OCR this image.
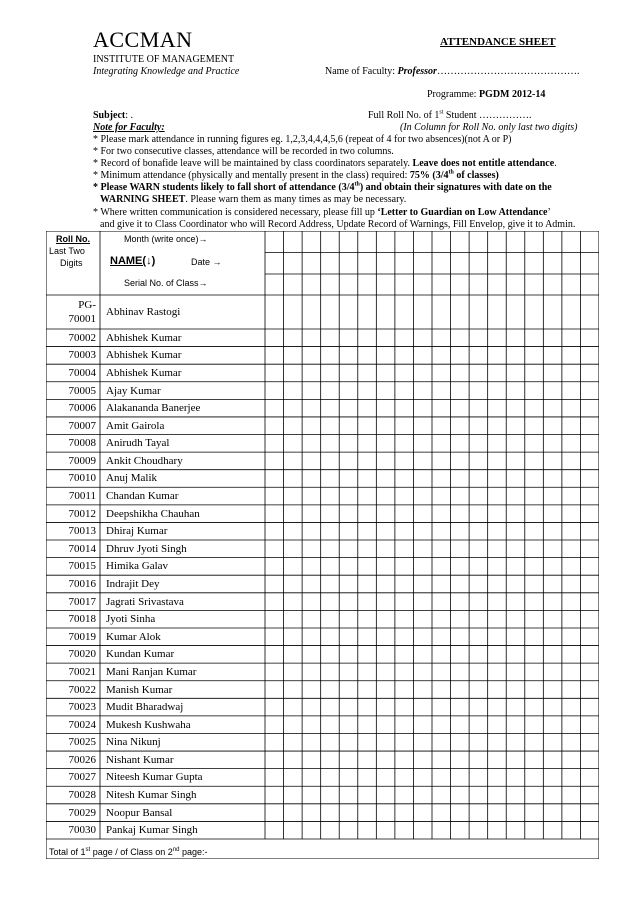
ACCMAN
INSTITUTE OF MANAGEMENT
Integrating Knowledge and Practice
ATTENDANCE SHEET
Name of Faculty: Professor…………………………………….
Programme: PGDM 2012-14
Subject: .	Full Roll No. of 1st Student …………….
Note for Faculty:	(In Column for Roll No. only last two digits)
* Please mark attendance in running figures eg. 1,2,3,4,4,4,5,6 (repeat of 4 for two absences)(not A or P)
* For two consecutive classes, attendance will be recorded in two columns.
* Record of bonafide leave will be maintained by class coordinators separately. Leave does not entitle attendance.
* Minimum attendance (physically and mentally present in the class) required: 75% (3/4th of classes)
* Please WARN students likely to fall short of attendance (3/4th) and obtain their signatures with date on the
WARNING SHEET. Please warn them as many times as may be necessary.
* Where written communication is considered necessary, please fill up ‘Letter to Guardian on Low Attendance’
and give it to Class Coordinator who will Record Address, Update Record of Warnings, Fill Envelop, give it to Admin.
Roll No.
Last Two
Digits
Month (write once)→
NAME(↓)	Date →
Serial No. of Class→
PG-
70001
Abhinav Rastogi
70002 Abhishek Kumar
70003 Abhishek Kumar
70004 Abhishek Kumar
70005 Ajay Kumar
70006 Alakananda Banerjee
70007 Amit Gairola
70008 Anirudh Tayal
70009 Ankit Choudhary
70010 Anuj Malik
70011 Chandan Kumar
70012 Deepshikha Chauhan
70013 Dhiraj Kumar
70014 Dhruv Jyoti Singh
70015 Himika Galav
70016 Indrajit Dey
70017 Jagrati Srivastava
70018 Jyoti Sinha
70019 Kumar Alok
70020 Kundan Kumar
70021 Mani Ranjan Kumar
70022 Manish Kumar
70023 Mudit Bharadwaj
70024 Mukesh Kushwaha
70025 Nina Nikunj
70026 Nishant Kumar
70027 Niteesh Kumar Gupta
70028 Nitesh Kumar Singh
70029 Noopur Bansal
70030 Pankaj Kumar Singh
Total of 1st page / of Class on 2nd page:-
